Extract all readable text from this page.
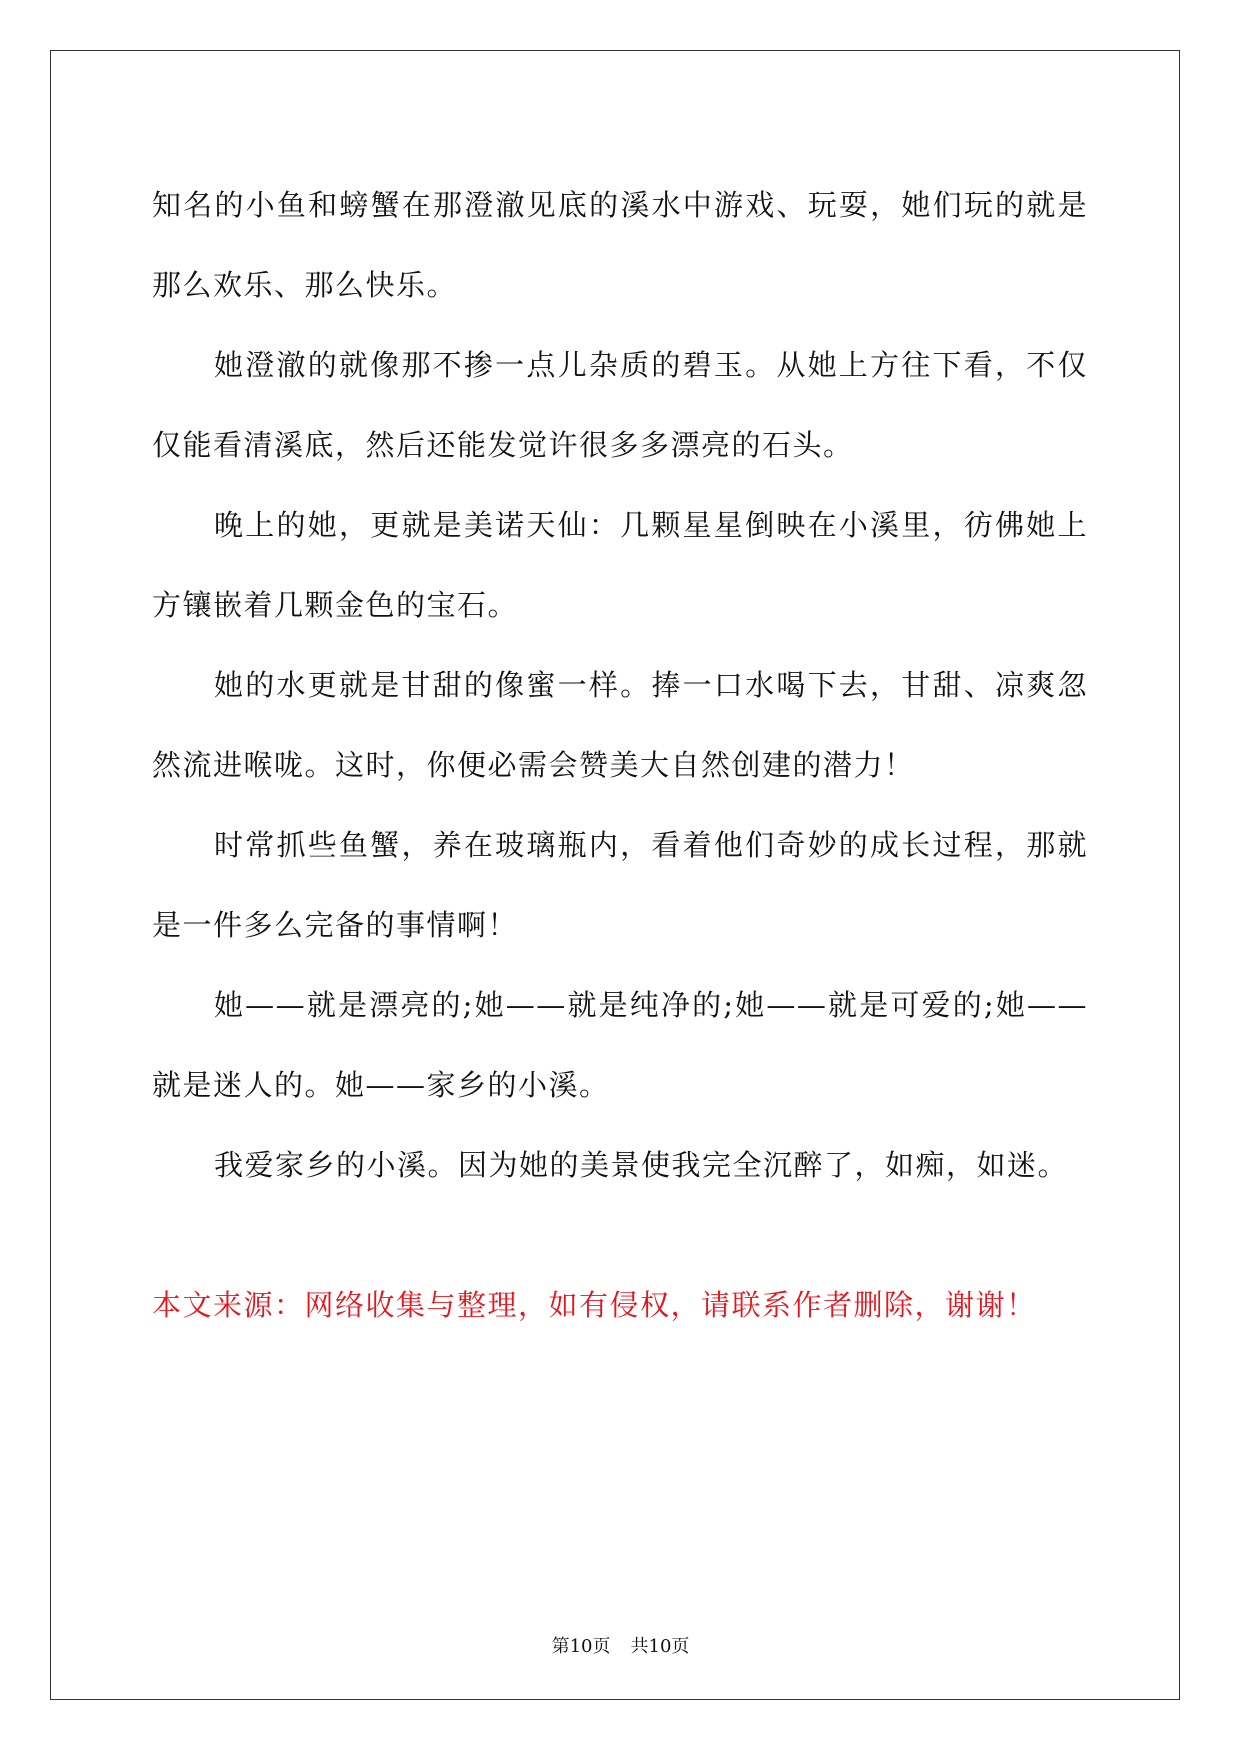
知名的小鱼和螃蟹在那澄澈见底的溪水中游戏、玩耍，她们玩的就是那么欢乐、那么快乐。

她澄澈的就像那不掺一点儿杂质的碧玉。从她上方往下看，不仅仅能看清溪底，然后还能发觉许很多多漂亮的石头。

晚上的她，更就是美诺天仙：几颗星星倒映在小溪里，彷佛她上方镶嵌着几颗金色的宝石。

她的水更就是甘甜的像蜜一样。捧一口水喝下去，甘甜、凉爽忽然流进喉咙。这时，你便必需会赞美大自然创建的潜力！

时常抓些鱼蟹，养在玻璃瓶内，看着他们奇妙的成长过程，那就是一件多么完备的事情啊！

她——就是漂亮的;她——就是纯净的;她——就是可爱的;她——就是迷人的。她——家乡的小溪。

我爱家乡的小溪。因为她的美景使我完全沉醉了，如痴，如迷。

本文来源：网络收集与整理，如有侵权，请联系作者删除，谢谢！

第10页 共10页
